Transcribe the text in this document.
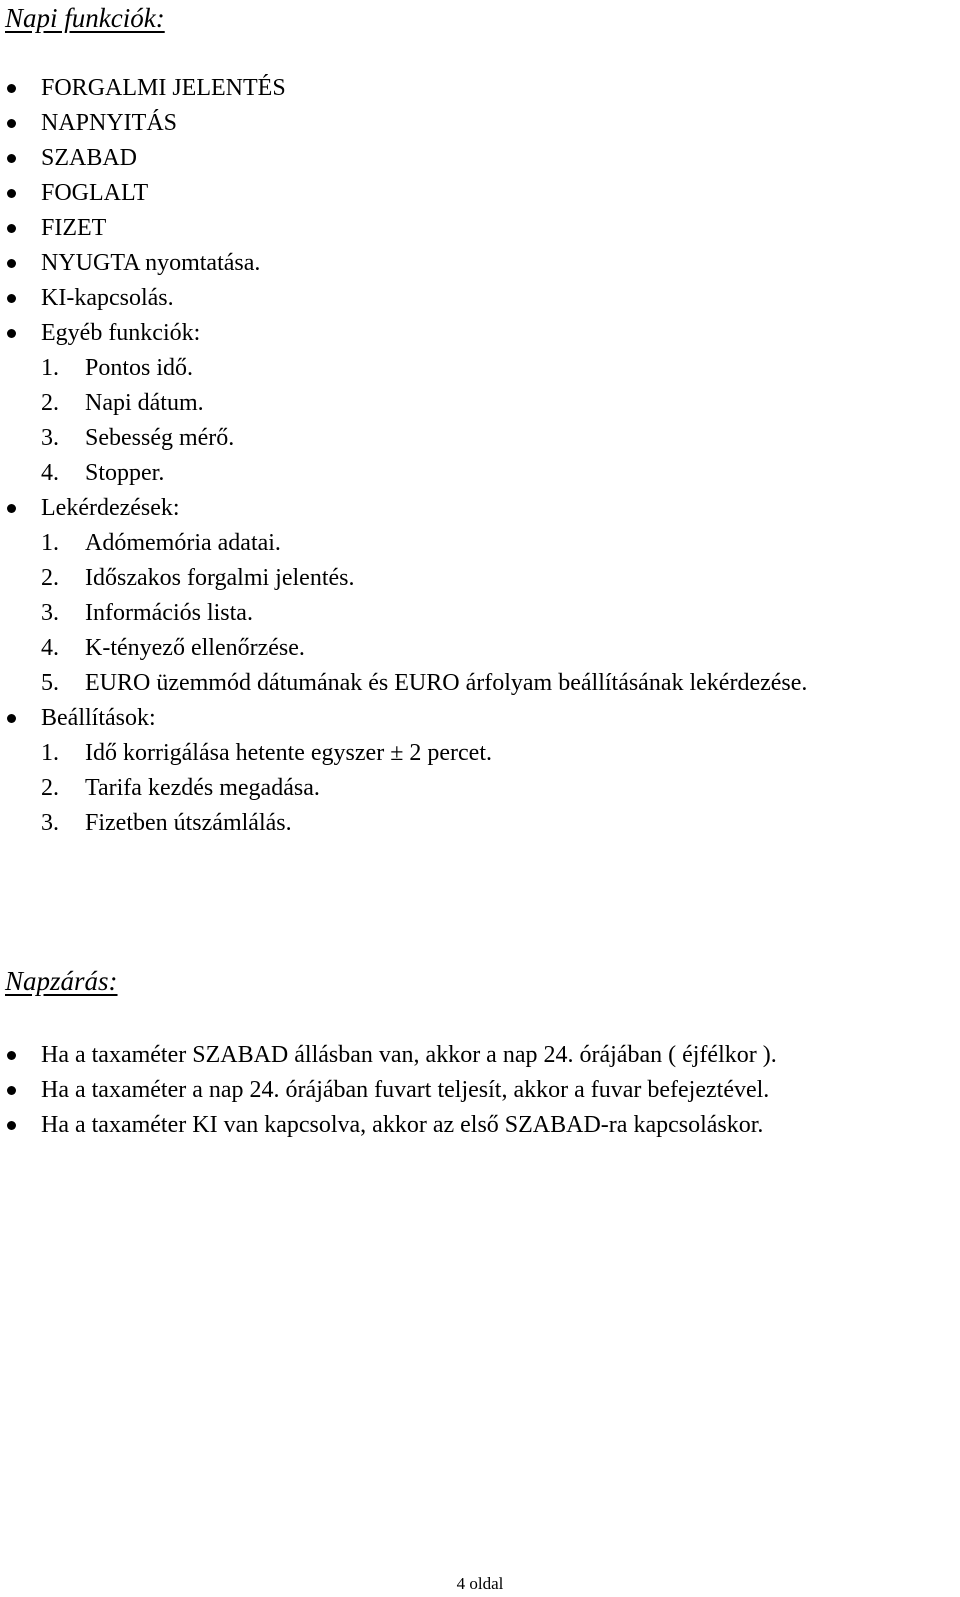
Napi funkciók:
FORGALMI JELENTÉS
NAPNYITÁS
SZABAD
FOGLALT
FIZET
NYUGTA nyomtatása.
KI-kapcsolás.
Egyéb funkciók:
1. Pontos idő.
2. Napi dátum.
3. Sebesség mérő.
4. Stopper.
Lekérdezések:
1. Adómemória adatai.
2. Időszakos forgalmi jelentés.
3. Információs lista.
4. K-tényező ellenőrzése.
5. EURO üzemmód dátumának és EURO árfolyam beállításának lekérdezése.
Beállítások:
1. Idő korrigálása hetente egyszer ± 2 percet.
2. Tarifa kezdés megadása.
3. Fizetben útszámlálás.
Napzárás:
Ha a taxaméter SZABAD állásban van, akkor a nap 24. órájában ( éjfélkor ).
Ha a taxaméter a nap 24. órájában fuvart teljesít, akkor a fuvar befejeztével.
Ha a taxaméter KI van kapcsolva, akkor az első SZABAD-ra kapcsoláskor.
4 oldal
